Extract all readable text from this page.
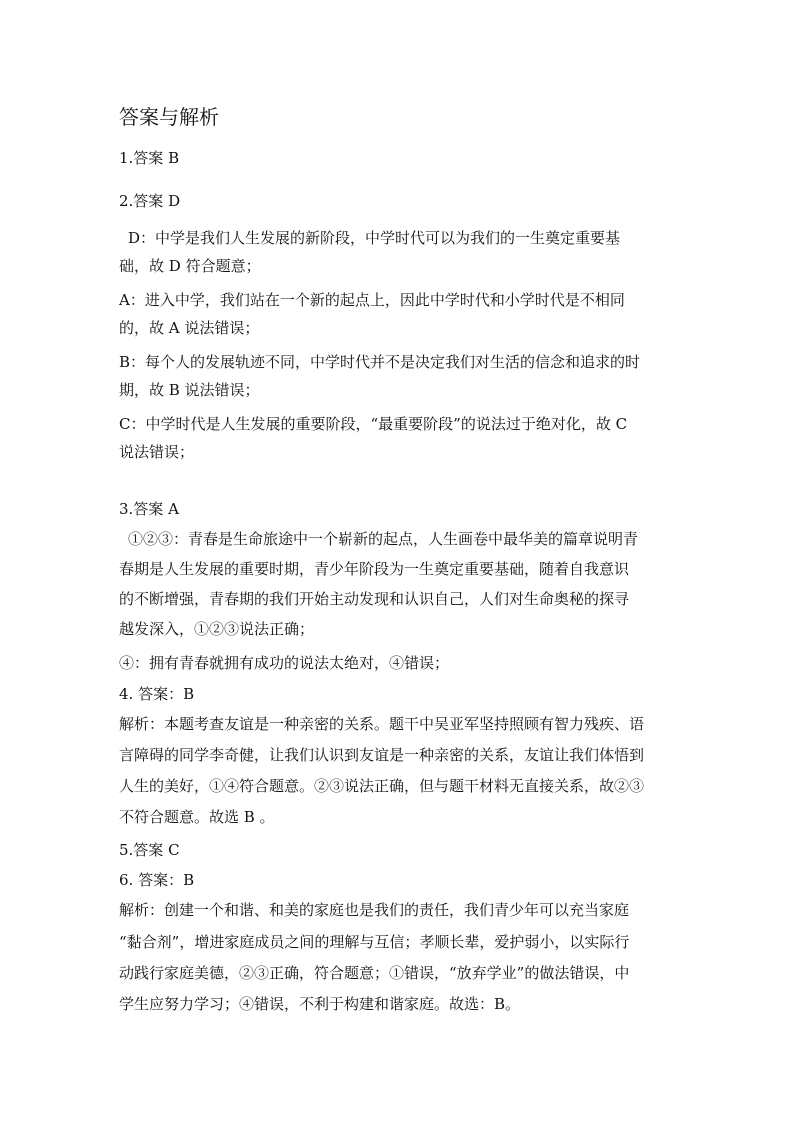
答案与解析
1.答案 B
2.答案 D
D：中学是我们人生发展的新阶段，中学时代可以为我们的一生奠定重要基
础，故 D 符合题意；
A：进入中学，我们站在一个新的起点上，因此中学时代和小学时代是不相同
的，故 A 说法错误；
B：每个人的发展轨迹不同，中学时代并不是决定我们对生活的信念和追求的时
期，故 B 说法错误；
C：中学时代是人生发展的重要阶段，“最重要阶段”的说法过于绝对化，故 C
说法错误；
3.答案 A
①②③：青春是生命旅途中一个崭新的起点，人生画卷中最华美的篇章说明青
春期是人生发展的重要时期，青少年阶段为一生奠定重要基础，随着自我意识
的不断增强，青春期的我们开始主动发现和认识自己，人们对生命奥秘的探寻
越发深入，①②③说法正确；
④：拥有青春就拥有成功的说法太绝对，④错误；
4. 答案：B
解析：本题考查友谊是一种亲密的关系。题干中吴亚军坚持照顾有智力残疾、语
言障碍的同学李奇健，让我们认识到友谊是一种亲密的关系，友谊让我们体悟到
人生的美好，①④符合题意。②③说法正确，但与题干材料无直接关系，故②③
不符合题意。故选 B 。
5.答案 C
6. 答案：B
解析：创建一个和谐、和美的家庭也是我们的责任，我们青少年可以充当家庭
“黏合剂”，增进家庭成员之间的理解与互信；孝顺长辈，爱护弱小，以实际行
动践行家庭美德，②③正确，符合题意；①错误，“放弃学业”的做法错误，中
学生应努力学习；④错误，不利于构建和谐家庭。故选：B。
